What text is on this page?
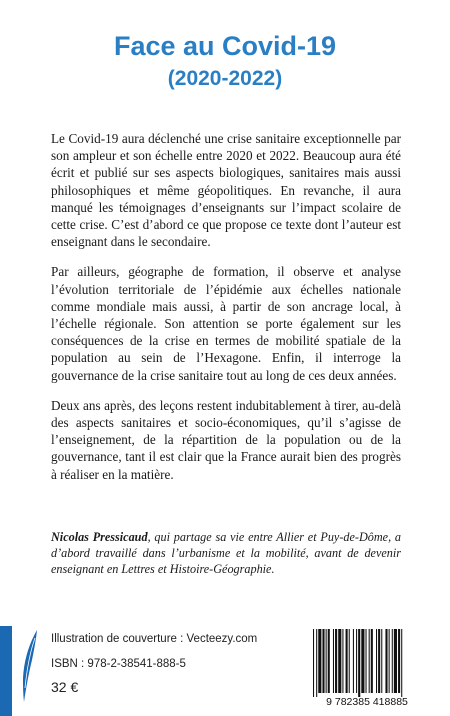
Face au Covid-19
(2020-2022)

Le Covid-19 aura déclenché une crise sanitaire exceptionnelle par son ampleur et son échelle entre 2020 et 2022. Beaucoup aura été écrit et publié sur ses aspects biologiques, sanitaires mais aussi philosophiques et même géopolitiques. En revanche, il aura manqué les témoignages d’enseignants sur l’impact scolaire de cette crise. C’est d’abord ce que propose ce texte dont l’auteur est enseignant dans le secondaire.

Par ailleurs, géographe de formation, il observe et analyse l’évolution territoriale de l’épidémie aux échelles nationale comme mondiale mais aussi, à partir de son ancrage local, à l’échelle régionale. Son attention se porte également sur les conséquences de la crise en termes de mobilité spatiale de la population au sein de l’Hexagone. Enfin, il interroge la gouvernance de la crise sanitaire tout au long de ces deux années.

Deux ans après, des leçons restent indubitablement à tirer, au-delà des aspects sanitaires et socio-économiques, qu’il s’agisse de l’enseignement, de la répartition de la population ou de la gouvernance, tant il est clair que la France aurait bien des progrès à réaliser en la matière.

Nicolas Pressicaud, qui partage sa vie entre Allier et Puy-de-Dôme, a d’abord travaillé dans l’urbanisme et la mobilité, avant de devenir enseignant en Lettres et Histoire-Géographie.
Illustration de couverture : Vecteezy.com
ISBN : 978-2-38541-888-5
32 €
9 782385 418885
